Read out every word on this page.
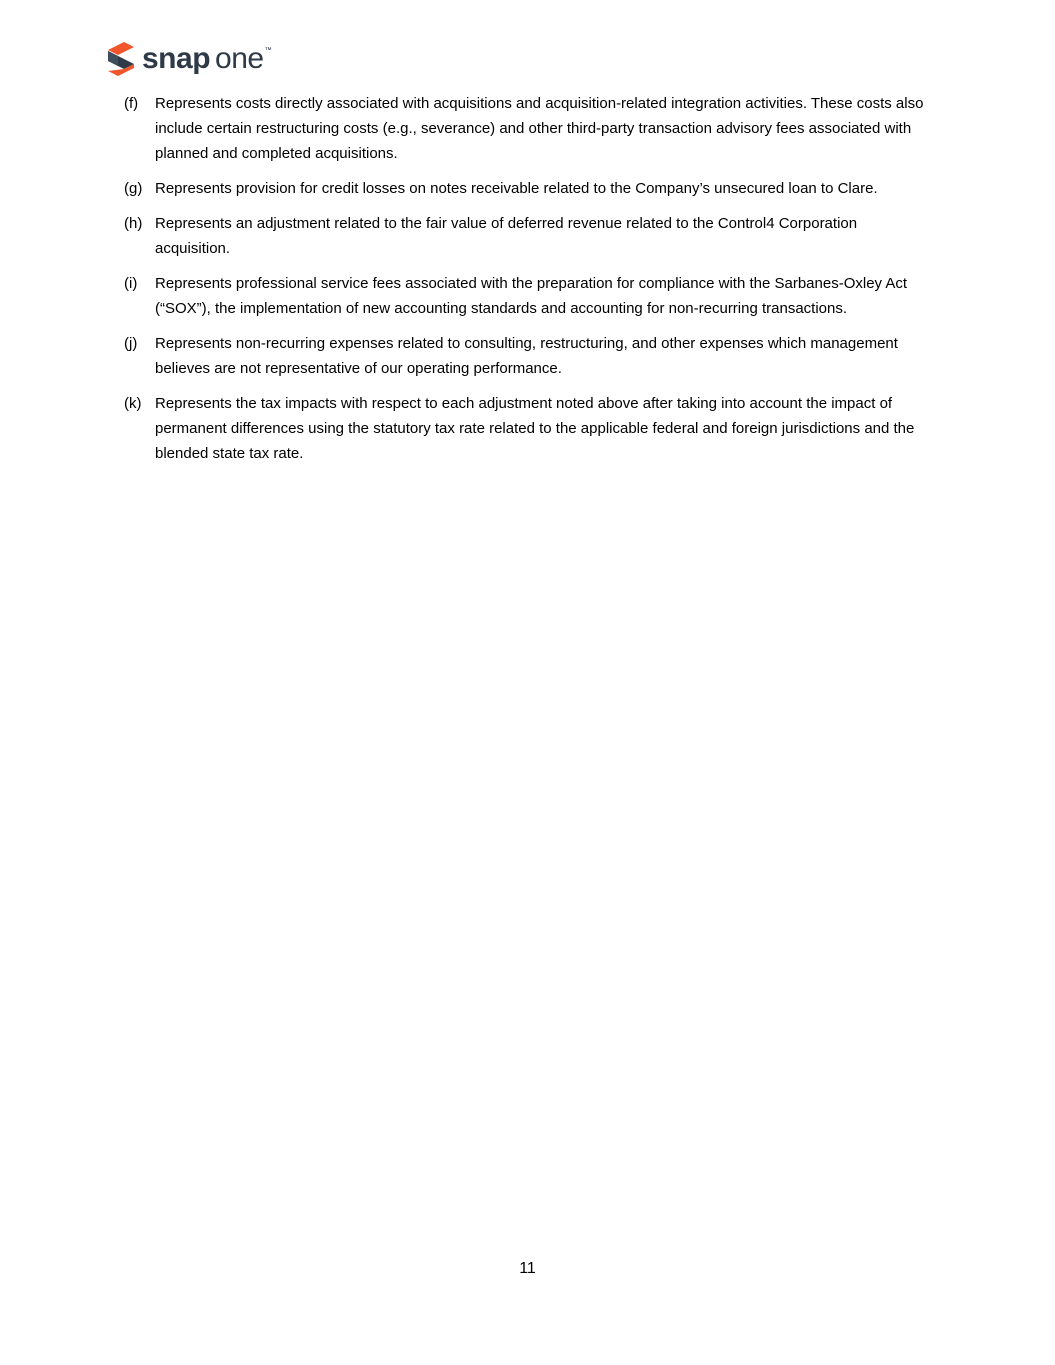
snap one ™
(f)	Represents costs directly associated with acquisitions and acquisition-related integration activities. These costs also include certain restructuring costs (e.g., severance) and other third-party transaction advisory fees associated with planned and completed acquisitions.
(g) Represents provision for credit losses on notes receivable related to the Company’s unsecured loan to Clare.
(h) Represents an adjustment related to the fair value of deferred revenue related to the Control4 Corporation acquisition.
(i)	Represents professional service fees associated with the preparation for compliance with the Sarbanes-Oxley Act (“SOX”), the implementation of new accounting standards and accounting for non-recurring transactions.
(j)	Represents non-recurring expenses related to consulting, restructuring, and other expenses which management believes are not representative of our operating performance.
(k) Represents the tax impacts with respect to each adjustment noted above after taking into account the impact of permanent differences using the statutory tax rate related to the applicable federal and foreign jurisdictions and the blended state tax rate.
11
